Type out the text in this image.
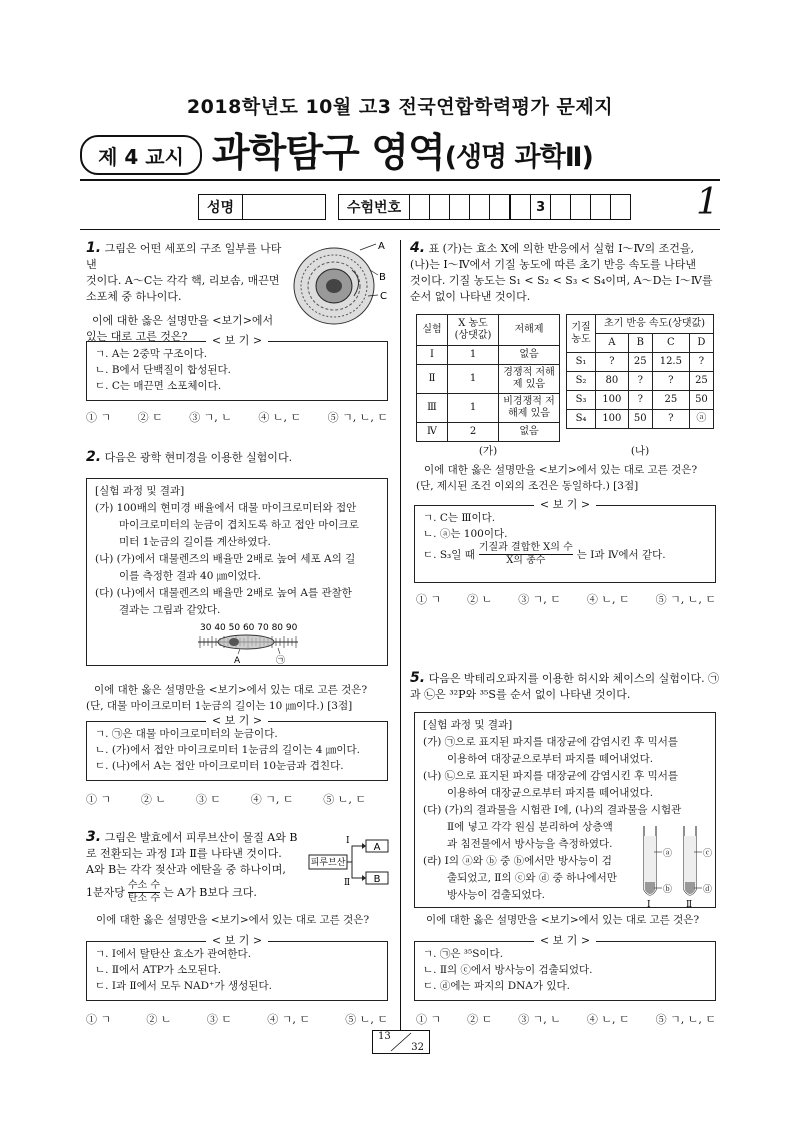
2018학년도 10월 고3 전국연합학력평가 문제지
제 4 교시 과학탐구 영역(생명 과학Ⅱ)
성명	수험번호	3	1
1. 그림은 어떤 세포의 구조 일부를 나타낸
것이다. A～C는 각각 핵, 리보솜, 매끈면
소포체 중 하나이다.
이에 대한 옳은 설명만을 <보기>에서
있는 대로 고른 것은?
A
B
C
< 보 기 >
ㄱ. A는 2중막 구조이다.
ㄴ. B에서 단백질이 합성된다.
ㄷ. C는 매끈면 소포체이다.
① ㄱ ② ㄷ ③ ㄱ, ㄴ ④ ㄴ, ㄷ ⑤ ㄱ, ㄴ, ㄷ
2. 다음은 광학 현미경을 이용한 실험이다.
[실험 과정 및 결과]
(가) 100배의 현미경 배율에서 대물 마이크로미터와 접안
마이크로미터의 눈금이 겹치도록 하고 접안 마이크로
미터 1눈금의 길이를 계산하였다.
(나) (가)에서 대물렌즈의 배율만 2배로 높여 세포 A의 길
이를 측정한 결과 40 ㎛이었다.
(다) (나)에서 대물렌즈의 배율만 2배로 높여 A를 관찰한
결과는 그림과 같았다.
30 40 50 60 70 80 90
A	㉠
이에 대한 옳은 설명만을 <보기>에서 있는 대로 고른 것은?
(단, 대물 마이크로미터 1눈금의 길이는 10 ㎛이다.) [3점]
< 보 기 >
ㄱ. ㉠은 대물 마이크로미터의 눈금이다.
ㄴ. (가)에서 접안 마이크로미터 1눈금의 길이는 4 ㎛이다.
ㄷ. (나)에서 A는 접안 마이크로미터 10눈금과 겹친다.
① ㄱ	② ㄴ	③ ㄷ	④ ㄱ, ㄷ	⑤ ㄴ, ㄷ
3. 그림은 발효에서 피루브산이 물질 A와 B
로 전환되는 과정 Ⅰ과 Ⅱ를 나타낸 것이다.
A와 B는 각각 젖산과 에탄올 중 하나이며,
1분자당 수소 수
탄소 수 는 A가 B보다 크다.
피루브산
A
B
Ⅰ
Ⅱ
이에 대한 옳은 설명만을 <보기>에서 있는 대로 고른 것은?
< 보 기 >
ㄱ. Ⅰ에서 탈탄산 효소가 관여한다.
ㄴ. Ⅱ에서 ATP가 소모된다.
ㄷ. Ⅰ과 Ⅱ에서 모두 NAD⁺가 생성된다.
① ㄱ	② ㄴ	③ ㄷ	④ ㄱ, ㄷ	⑤ ㄴ, ㄷ
4. 표 (가)는 효소 X에 의한 반응에서 실험 Ⅰ～Ⅳ의 조건을,
(나)는 Ⅰ～Ⅳ에서 기질 농도에 따른 초기 반응 속도를 나타낸
것이다. 기질 농도는 S₁ < S₂ < S₃ < S₄이며, A～D는 Ⅰ～Ⅳ를
순서 없이 나타낸 것이다.
실험	X 농도 (상댓값)	저해제
Ⅰ	1	없음
Ⅱ	1	경쟁적 저해제 있음
Ⅲ	1	비경쟁적 저해제 있음
Ⅳ	2	없음
(가)
기질 농도	초기 반응 속도(상댓값)			
	A	B	C	D
S₁	?	25	12.5	?
S₂	80	?	?	25
S₃	100	?	25	50
S₄	100	50	?	ⓐ
(나)
이에 대한 옳은 설명만을 <보기>에서 있는 대로 고른 것은?
(단, 제시된 조건 이외의 조건은 동일하다.) [3점]
< 보 기 >
ㄱ. C는 Ⅲ이다.
ㄴ. ⓐ는 100이다.
ㄷ. S₃일 때
기질과 결합한 X의 수
X의 총수	는 Ⅰ과 Ⅳ에서 같다.
① ㄱ ② ㄴ ③ ㄱ, ㄷ ④ ㄴ, ㄷ ⑤ ㄱ, ㄴ, ㄷ
5. 다음은 박테리오파지를 이용한 허시와 체이스의 실험이다. ㉠
과 ㉡은 ³²P와 ³⁵S를 순서 없이 나타낸 것이다.
[실험 과정 및 결과]
(가) ㉠으로 표지된 파지를 대장균에 감염시킨 후 믹서를
이용하여 대장균으로부터 파지를 떼어내었다.
(나) ㉡으로 표지된 파지를 대장균에 감염시킨 후 믹서를
이용하여 대장균으로부터 파지를 떼어내었다.
(다) (가)의 결과물을 시험관 Ⅰ에, (나)의 결과물을 시험관
Ⅱ에 넣고 각각 원심 분리하여 상층액
과 침전물에서 방사능을 측정하였다.
(라) Ⅰ의 ⓐ와 ⓑ 중 ⓑ에서만 방사능이 검
출되었고, Ⅱ의 ⓒ와 ⓓ 중 하나에서만
방사능이 검출되었다.
ⓐ
ⓑ
ⓒ
ⓓ
Ⅰ	Ⅱ
이에 대한 옳은 설명만을 <보기>에서 있는 대로 고른 것은?
< 보 기 >
ㄱ. ㉠은 ³⁵S이다.
ㄴ. Ⅱ의 ⓒ에서 방사능이 검출되었다.
ㄷ. ⓓ에는 파지의 DNA가 있다.
① ㄱ ② ㄷ ③ ㄱ, ㄴ ④ ㄴ, ㄷ ⑤ ㄱ, ㄴ, ㄷ
13
32
